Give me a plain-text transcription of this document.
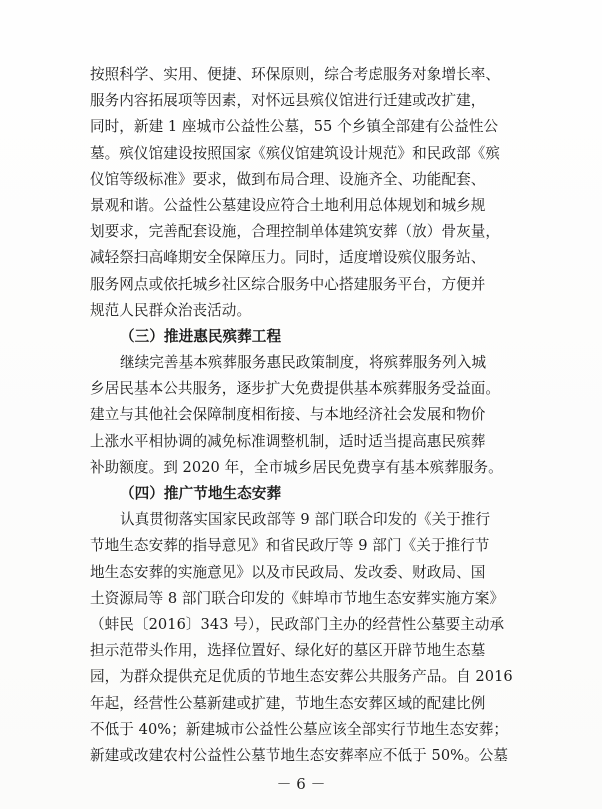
按照科学、实用、便捷、环保原则，综合考虑服务对象增长率、
服务内容拓展项等因素，对怀远县殡仪馆进行迁建或改扩建，
同时，新建 1 座城市公益性公墓，55 个乡镇全部建有公益性公
墓。殡仪馆建设按照国家《殡仪馆建筑设计规范》和民政部《殡
仪馆等级标准》要求，做到布局合理、设施齐全、功能配套、
景观和谐。公益性公墓建设应符合土地利用总体规划和城乡规
划要求，完善配套设施，合理控制单体建筑安葬（放）骨灰量，
减轻祭扫高峰期安全保障压力。同时，适度增设殡仪服务站、
服务网点或依托城乡社区综合服务中心搭建服务平台，方便并
规范人民群众治丧活动。
（三）推进惠民殡葬工程
继续完善基本殡葬服务惠民政策制度，将殡葬服务列入城
乡居民基本公共服务，逐步扩大免费提供基本殡葬服务受益面。
建立与其他社会保障制度相衔接、与本地经济社会发展和物价
上涨水平相协调的减免标准调整机制，适时适当提高惠民殡葬
补助额度。到 2020 年，全市城乡居民免费享有基本殡葬服务。
（四）推广节地生态安葬
认真贯彻落实国家民政部等 9 部门联合印发的《关于推行
节地生态安葬的指导意见》和省民政厅等 9 部门《关于推行节
地生态安葬的实施意见》以及市民政局、发改委、财政局、国
土资源局等 8 部门联合印发的《蚌埠市节地生态安葬实施方案》
（蚌民〔2016〕343 号），民政部门主办的经营性公墓要主动承
担示范带头作用，选择位置好、绿化好的墓区开辟节地生态墓
园，为群众提供充足优质的节地生态安葬公共服务产品。自 2016
年起，经营性公墓新建或扩建，节地生态安葬区域的配建比例
不低于 40%；新建城市公益性公墓应该全部实行节地生态安葬；
新建或改建农村公益性公墓节地生态安葬率应不低于 50%。公墓
－ 6 －
